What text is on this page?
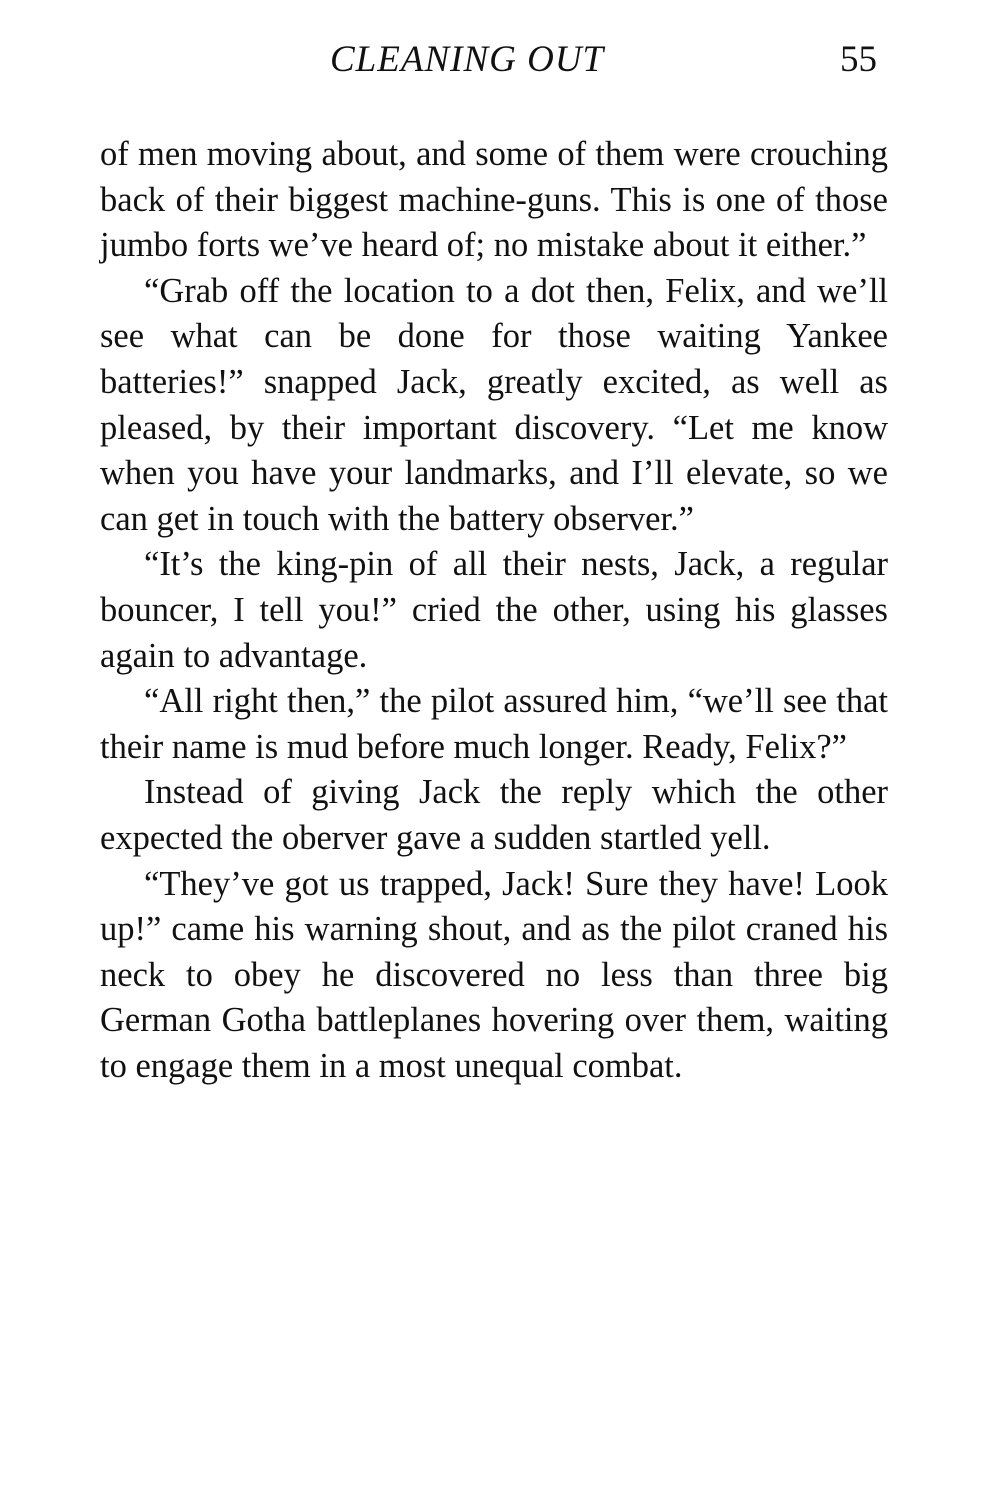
CLEANING OUT	55

of men moving about, and some of them were crouching back of their biggest machine-guns. This is one of those jumbo forts we’ve heard of; no mistake about it either.”

“Grab off the location to a dot then, Felix, and we’ll see what can be done for those waiting Yankee batteries!” snapped Jack, greatly excited, as well as pleased, by their important discovery. “Let me know when you have your landmarks, and I’ll elevate, so we can get in touch with the battery observer.”

“It’s the king-pin of all their nests, Jack, a regular bouncer, I tell you!” cried the other, using his glasses again to advantage.

“All right then,” the pilot assured him, “we’ll see that their name is mud before much longer. Ready, Felix?”

Instead of giving Jack the reply which the other expected the oberver gave a sudden startled yell.

“They’ve got us trapped, Jack! Sure they have! Look up!” came his warning shout, and as the pilot craned his neck to obey he discovered no less than three big German Gotha battleplanes hovering over them, waiting to engage them in a most unequal combat.
